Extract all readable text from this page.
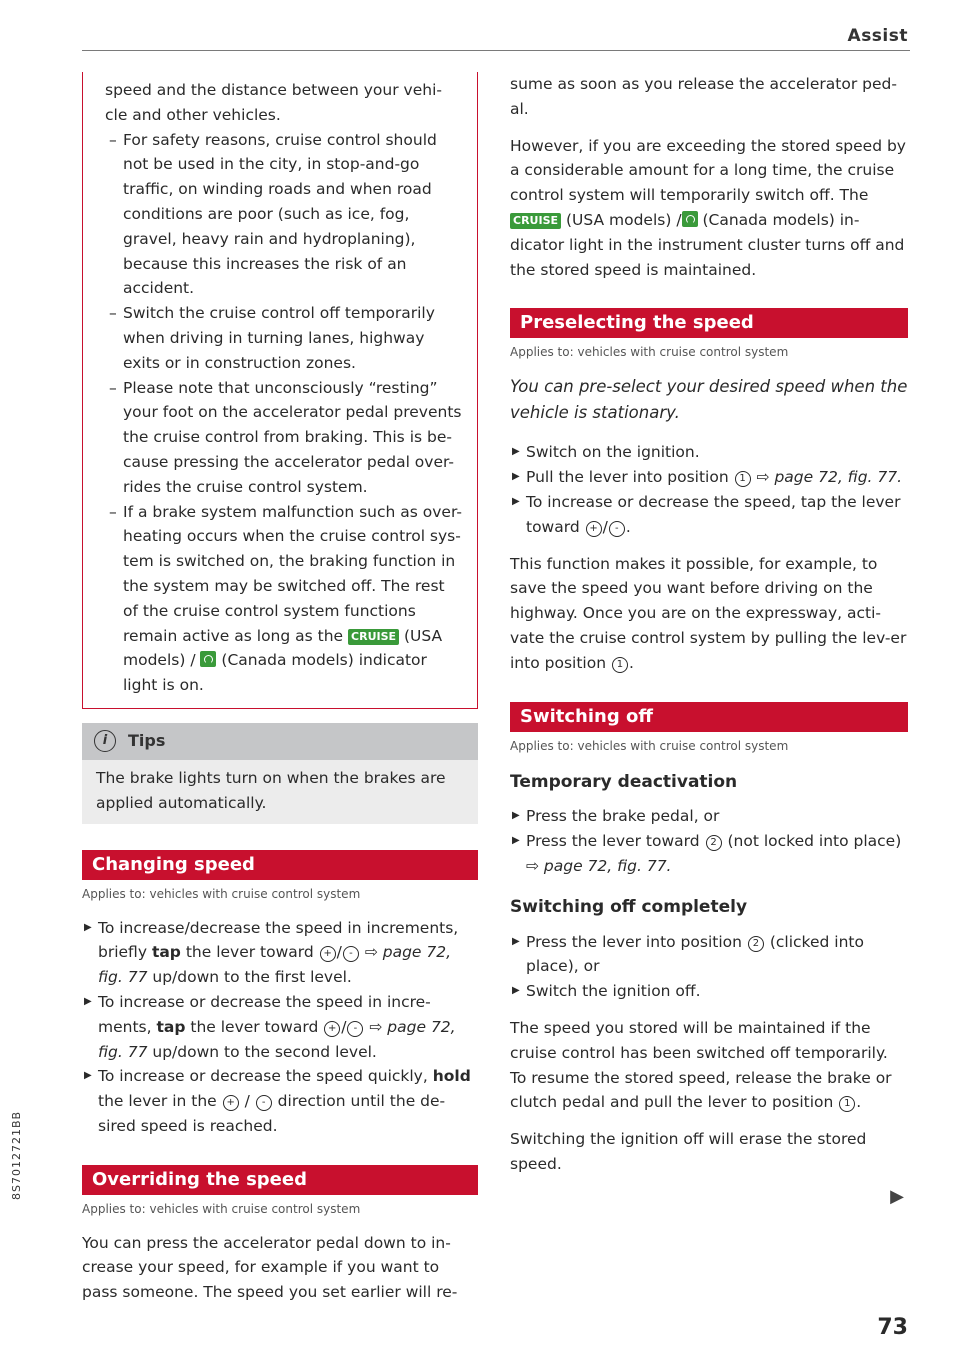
Assist

speed and the distance between your vehi-cle and other vehicles.

– For safety reasons, cruise control should not be used in the city, in stop-and-go traffic, on winding roads and when road conditions are poor (such as ice, fog, gravel, heavy rain and hydroplaning), because this increases the risk of an accident.

– Switch the cruise control off temporarily when driving in turning lanes, highway exits or in construction zones.

– Please note that unconsciously “resting” your foot on the accelerator pedal prevents the cruise control from braking. This is be-cause pressing the accelerator pedal over-rides the cruise control system.

– If a brake system malfunction such as over-heating occurs when the cruise control sys-tem is switched on, the braking function in the system may be switched off. The rest of the cruise control system functions remain active as long as the CRUISE (USA models) / (Canada models) indicator light is on.

i	Tips
The brake lights turn on when the brakes are applied automatically.
Changing speed
Applies to: vehicles with cruise control system

▶ To increase/decrease the speed in increments, briefly tap the lever toward + / - ⇨ page 72, fig. 77 up/down to the first level.

▶ To increase or decrease the speed in incre-ments, tap the lever toward + / - ⇨ page 72, fig. 77 up/down to the second level.

▶ To increase or decrease the speed quickly, hold the lever in the + / - direction until the de-sired speed is reached.

Overriding the speed
Applies to: vehicles with cruise control system

You can press the accelerator pedal down to in-crease your speed, for example if you want to pass someone. The speed you set earlier will re-

sume as soon as you release the accelerator ped-al.

However, if you are exceeding the stored speed by a considerable amount for a long time, the cruise control system will temporarily switch off. The CRUISE (USA models) / (Canada models) in-dicator light in the instrument cluster turns off and the stored speed is maintained.

Preselecting the speed
Applies to: vehicles with cruise control system

You can pre-select your desired speed when the vehicle is stationary.

▶ Switch on the ignition.

▶ Pull the lever into position 1 ⇨ page 72, fig. 77.

▶ To increase or decrease the speed, tap the lever toward + / - .

This function makes it possible, for example, to save the speed you want before driving on the highway. Once you are on the expressway, acti-vate the cruise control system by pulling the lev-er into position 1 .

Switching off
Applies to: vehicles with cruise control system
Temporary deactivation

▶ Press the brake pedal, or

▶ Press the lever toward 2 (not locked into place) ⇨ page 72, fig. 77.

Switching off completely

▶ Press the lever into position 2 (clicked into place), or

▶ Switch the ignition off.

The speed you stored will be maintained if the cruise control has been switched off temporarily. To resume the stored speed, release the brake or clutch pedal and pull the lever to position 1 .

Switching the ignition off will erase the stored speed.

▶
8S7012721BB
73
